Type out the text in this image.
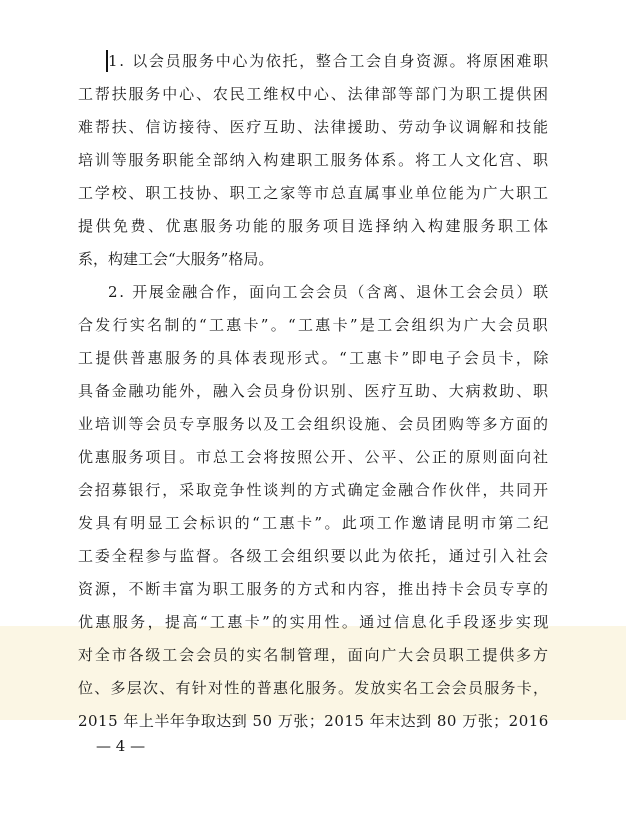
1. 以会员服务中心为依托，整合工会自身资源。将原困难职
工帮扶服务中心、农民工维权中心、法律部等部门为职工提供困
难帮扶、信访接待、医疗互助、法律援助、劳动争议调解和技能
培训等服务职能全部纳入构建职工服务体系。将工人文化宫、职
工学校、职工技协、职工之家等市总直属事业单位能为广大职工
提供免费、优惠服务功能的服务项目选择纳入构建服务职工体
系，构建工会“大服务”格局。
2. 开展金融合作，面向工会会员（含离、退休工会会员）联
合发行实名制的“工惠卡”。“工惠卡”是工会组织为广大会员职
工提供普惠服务的具体表现形式。“工惠卡”即电子会员卡，除
具备金融功能外，融入会员身份识别、医疗互助、大病救助、职
业培训等会员专享服务以及工会组织设施、会员团购等多方面的
优惠服务项目。市总工会将按照公开、公平、公正的原则面向社
会招募银行，采取竞争性谈判的方式确定金融合作伙伴，共同开
发具有明显工会标识的“工惠卡”。此项工作邀请昆明市第二纪
工委全程参与监督。各级工会组织要以此为依托，通过引入社会
资源，不断丰富为职工服务的方式和内容，推出持卡会员专享的
优惠服务，提高“工惠卡”的实用性。通过信息化手段逐步实现
对全市各级工会会员的实名制管理，面向广大会员职工提供多方
位、多层次、有针对性的普惠化服务。发放实名工会会员服务卡，
2015 年上半年争取达到 50 万张；2015 年末达到 80 万张；2016
— 4 —
